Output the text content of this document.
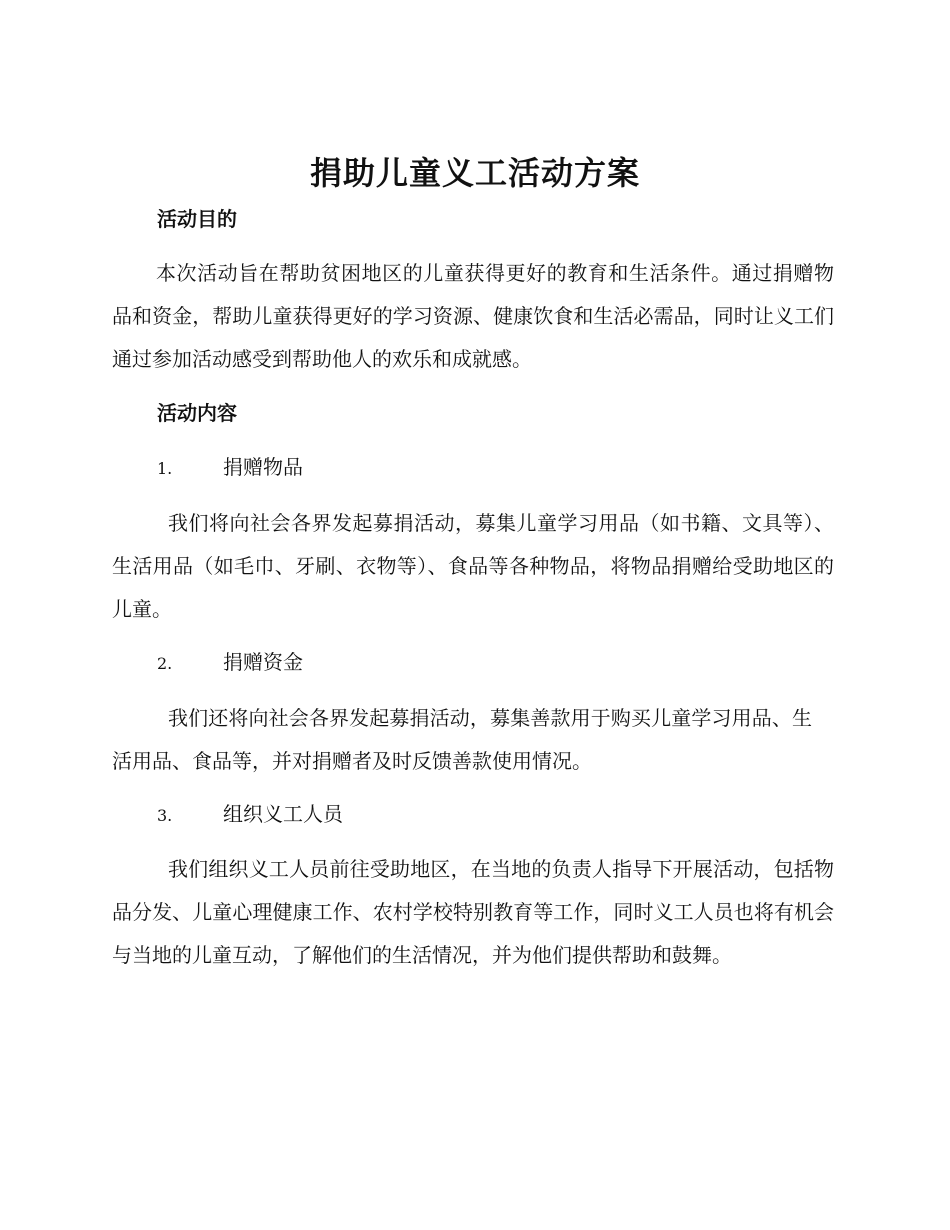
捐助儿童义工活动方案
活动目的
本次活动旨在帮助贫困地区的儿童获得更好的教育和生活条件。通过捐赠物品和资金，帮助儿童获得更好的学习资源、健康饮食和生活必需品，同时让义工们通过参加活动感受到帮助他人的欢乐和成就感。
活动内容
1.	捐赠物品
我们将向社会各界发起募捐活动，募集儿童学习用品（如书籍、文具等）、生活用品（如毛巾、牙刷、衣物等）、食品等各种物品，将物品捐赠给受助地区的儿童。
2.	捐赠资金
我们还将向社会各界发起募捐活动，募集善款用于购买儿童学习用品、生活用品、食品等，并对捐赠者及时反馈善款使用情况。
3.	组织义工人员
我们组织义工人员前往受助地区，在当地的负责人指导下开展活动，包括物品分发、儿童心理健康工作、农村学校特别教育等工作，同时义工人员也将有机会与当地的儿童互动，了解他们的生活情况，并为他们提供帮助和鼓舞。
